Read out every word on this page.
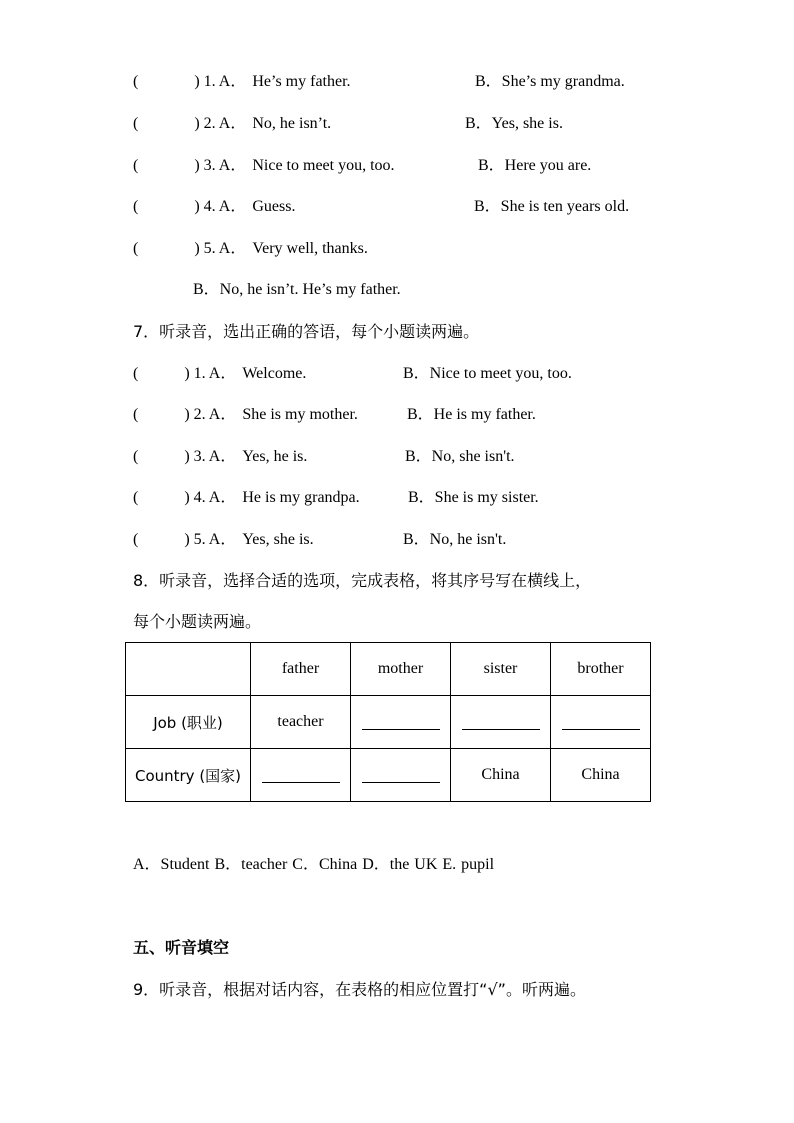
(	) 1. A． He’s my father.	B．She’s my grandma.
(	) 2. A． No, he isn’t.	B．Yes, she is.
(	) 3. A． Nice to meet you, too.	B．Here you are.
(	) 4. A． Guess.	B．She is ten years old.
(	) 5. A． Very well, thanks.
B．No, he isn’t. He’s my father.
7．听录音，选出正确的答语，每个小题读两遍。
(	) 1. A． Welcome.	B．Nice to meet you, too.
(	) 2. A． She is my mother.	B．He is my father.
(	) 3. A． Yes, he is.	B．No, she isn't.
(	) 4. A． He is my grandpa.	B．She is my sister.
(	) 5. A． Yes, she is.	B．No, he isn't.
8．听录音，选择合适的选项，完成表格，将其序号写在横线上，
每个小题读两遍。
	father	mother	sister	brother
Job (职业)	teacher			
Country (国家)			China	China
A．Student B．teacher C．China D．the UK E. pupil
五、听音填空
9．听录音，根据对话内容，在表格的相应位置打“√”。听两遍。
